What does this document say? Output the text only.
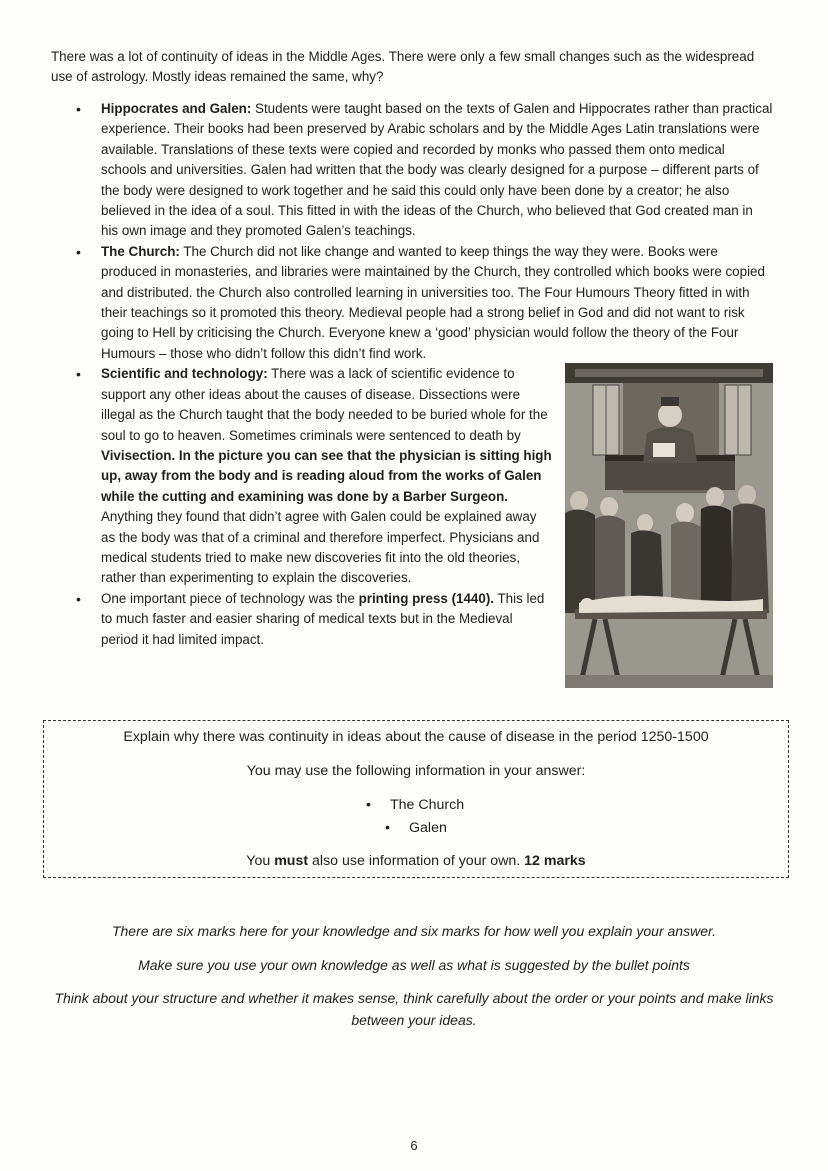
There was a lot of continuity of ideas in the Middle Ages. There were only a few small changes such as the widespread use of astrology. Mostly ideas remained the same, why?

• Hippocrates and Galen: Students were taught based on the texts of Galen and Hippocrates rather than practical experience. Their books had been preserved by Arabic scholars and by the Middle Ages Latin translations were available. Translations of these texts were copied and recorded by monks who passed them onto medical schools and universities. Galen had written that the body was clearly designed for a purpose – different parts of the body were designed to work together and he said this could only have been done by a creator; he also believed in the idea of a soul. This fitted in with the ideas of the Church, who believed that God created man in his own image and they promoted Galen’s teachings.
• The Church: The Church did not like change and wanted to keep things the way they were. Books were produced in monasteries, and libraries were maintained by the Church, they controlled which books were copied and distributed. the Church also controlled learning in universities too. The Four Humours Theory fitted in with their teachings so it promoted this theory. Medieval people had a strong belief in God and did not want to risk going to Hell by criticising the Church. Everyone knew a ‘good’ physician would follow the theory of the Four Humours – those who didn’t follow this didn’t find work.
• Scientific and technology: There was a lack of scientific evidence to support any other ideas about the causes of disease. Dissections were illegal as the Church taught that the body needed to be buried whole for the soul to go to heaven. Sometimes criminals were sentenced to death by Vivisection. In the picture you can see that the physician is sitting high up, away from the body and is reading aloud from the works of Galen while the cutting and examining was done by a Barber Surgeon. Anything they found that didn’t agree with Galen could be explained away as the body was that of a criminal and therefore imperfect. Physicians and medical students tried to make new discoveries fit into the old theories, rather than experimenting to explain the discoveries.
• One important piece of technology was the printing press (1440). This led to much faster and easier sharing of medical texts but in the Medieval period it had limited impact.
Explain why there was continuity in ideas about the cause of disease in the period 1250-1500
You may use the following information in your answer:
• The Church
• Galen
You must also use information of your own. 12 marks
There are six marks here for your knowledge and six marks for how well you explain your answer.
Make sure you use your own knowledge as well as what is suggested by the bullet points
Think about your structure and whether it makes sense, think carefully about the order or your points and make links between your ideas.
6
